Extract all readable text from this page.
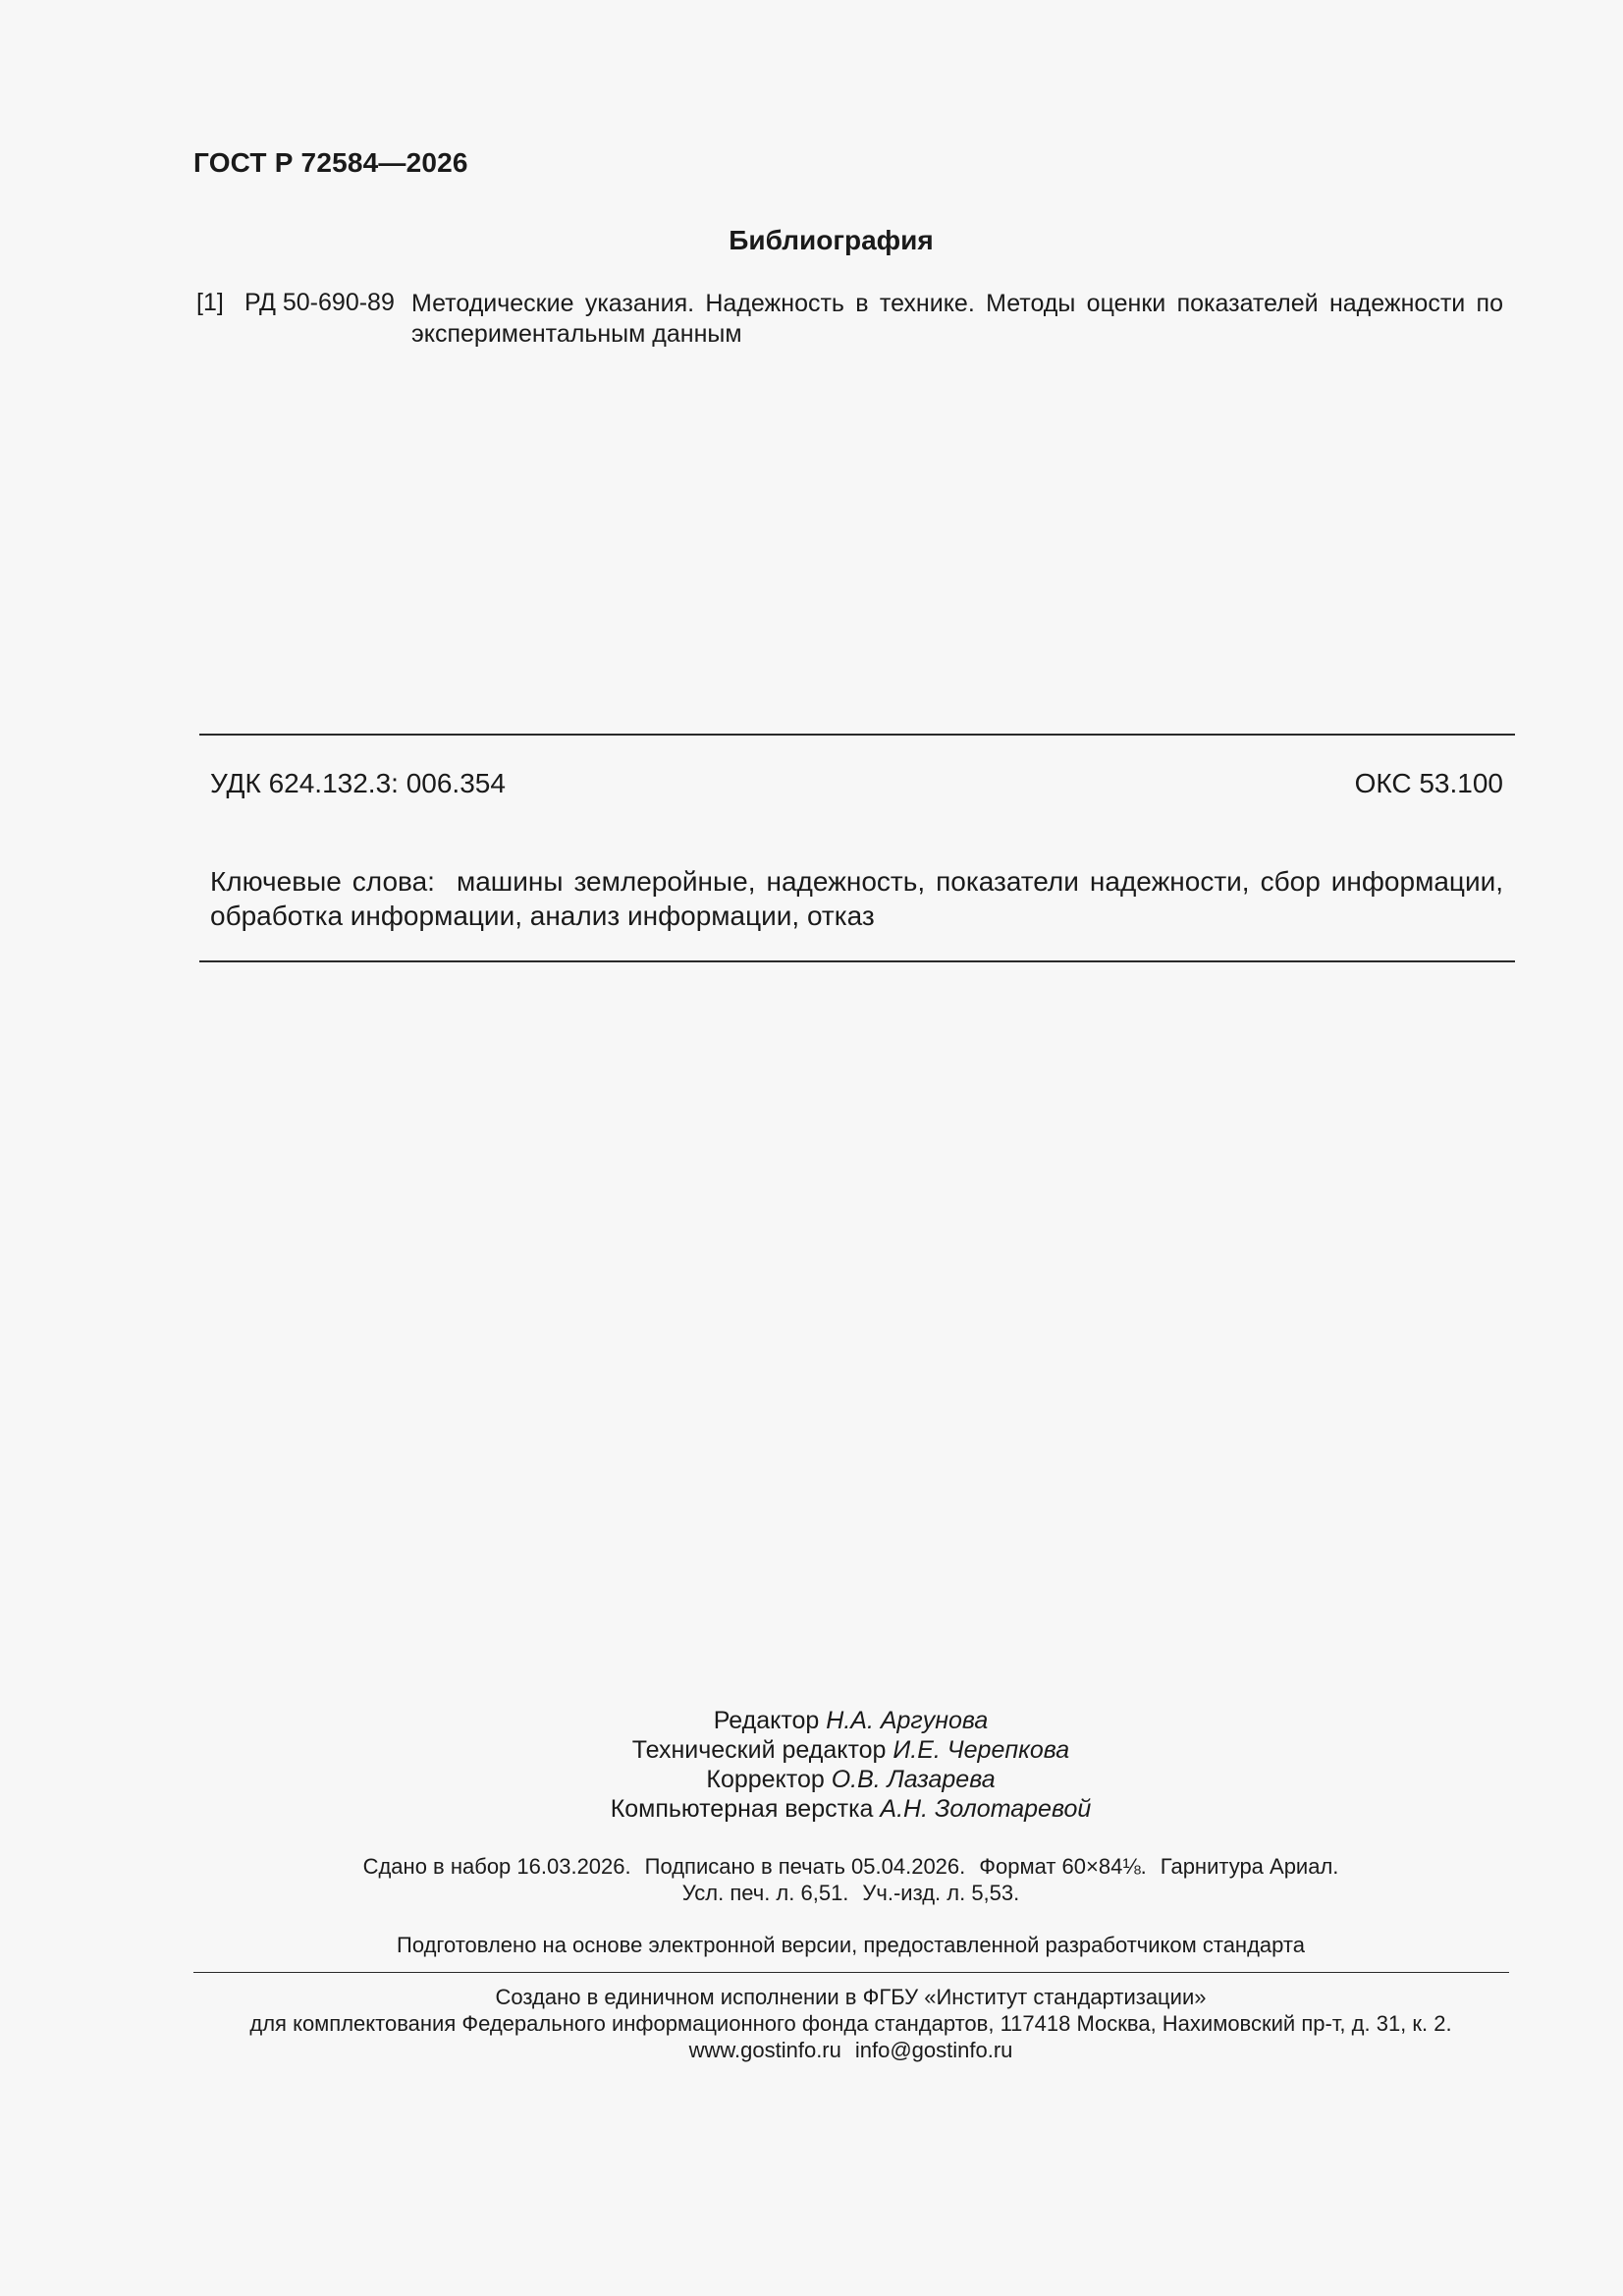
ГОСТ Р 72584—2026
Библиография
[1] РД 50-690-89 Методические указания. Надежность в технике. Методы оценки показателей надежности по экспериментальным данным
УДК 624.132.3: 006.354	ОКС 53.100
Ключевые слова: машины землеройные, надежность, показатели надежности, сбор информации, обработка информации, анализ информации, отказ
Редактор Н.А. Аргунова
Технический редактор И.Е. Черепкова
Корректор О.В. Лазарева
Компьютерная верстка А.Н. Золотаревой
Сдано в набор 16.03.2026. Подписано в печать 05.04.2026. Формат 60×84⅛. Гарнитура Ариал.
Усл. печ. л. 6,51. Уч.-изд. л. 5,53.
Подготовлено на основе электронной версии, предоставленной разработчиком стандарта
Создано в единичном исполнении в ФГБУ «Институт стандартизации»
для комплектования Федерального информационного фонда стандартов, 117418 Москва, Нахимовский пр-т, д. 31, к. 2.
www.gostinfo.ru info@gostinfo.ru
